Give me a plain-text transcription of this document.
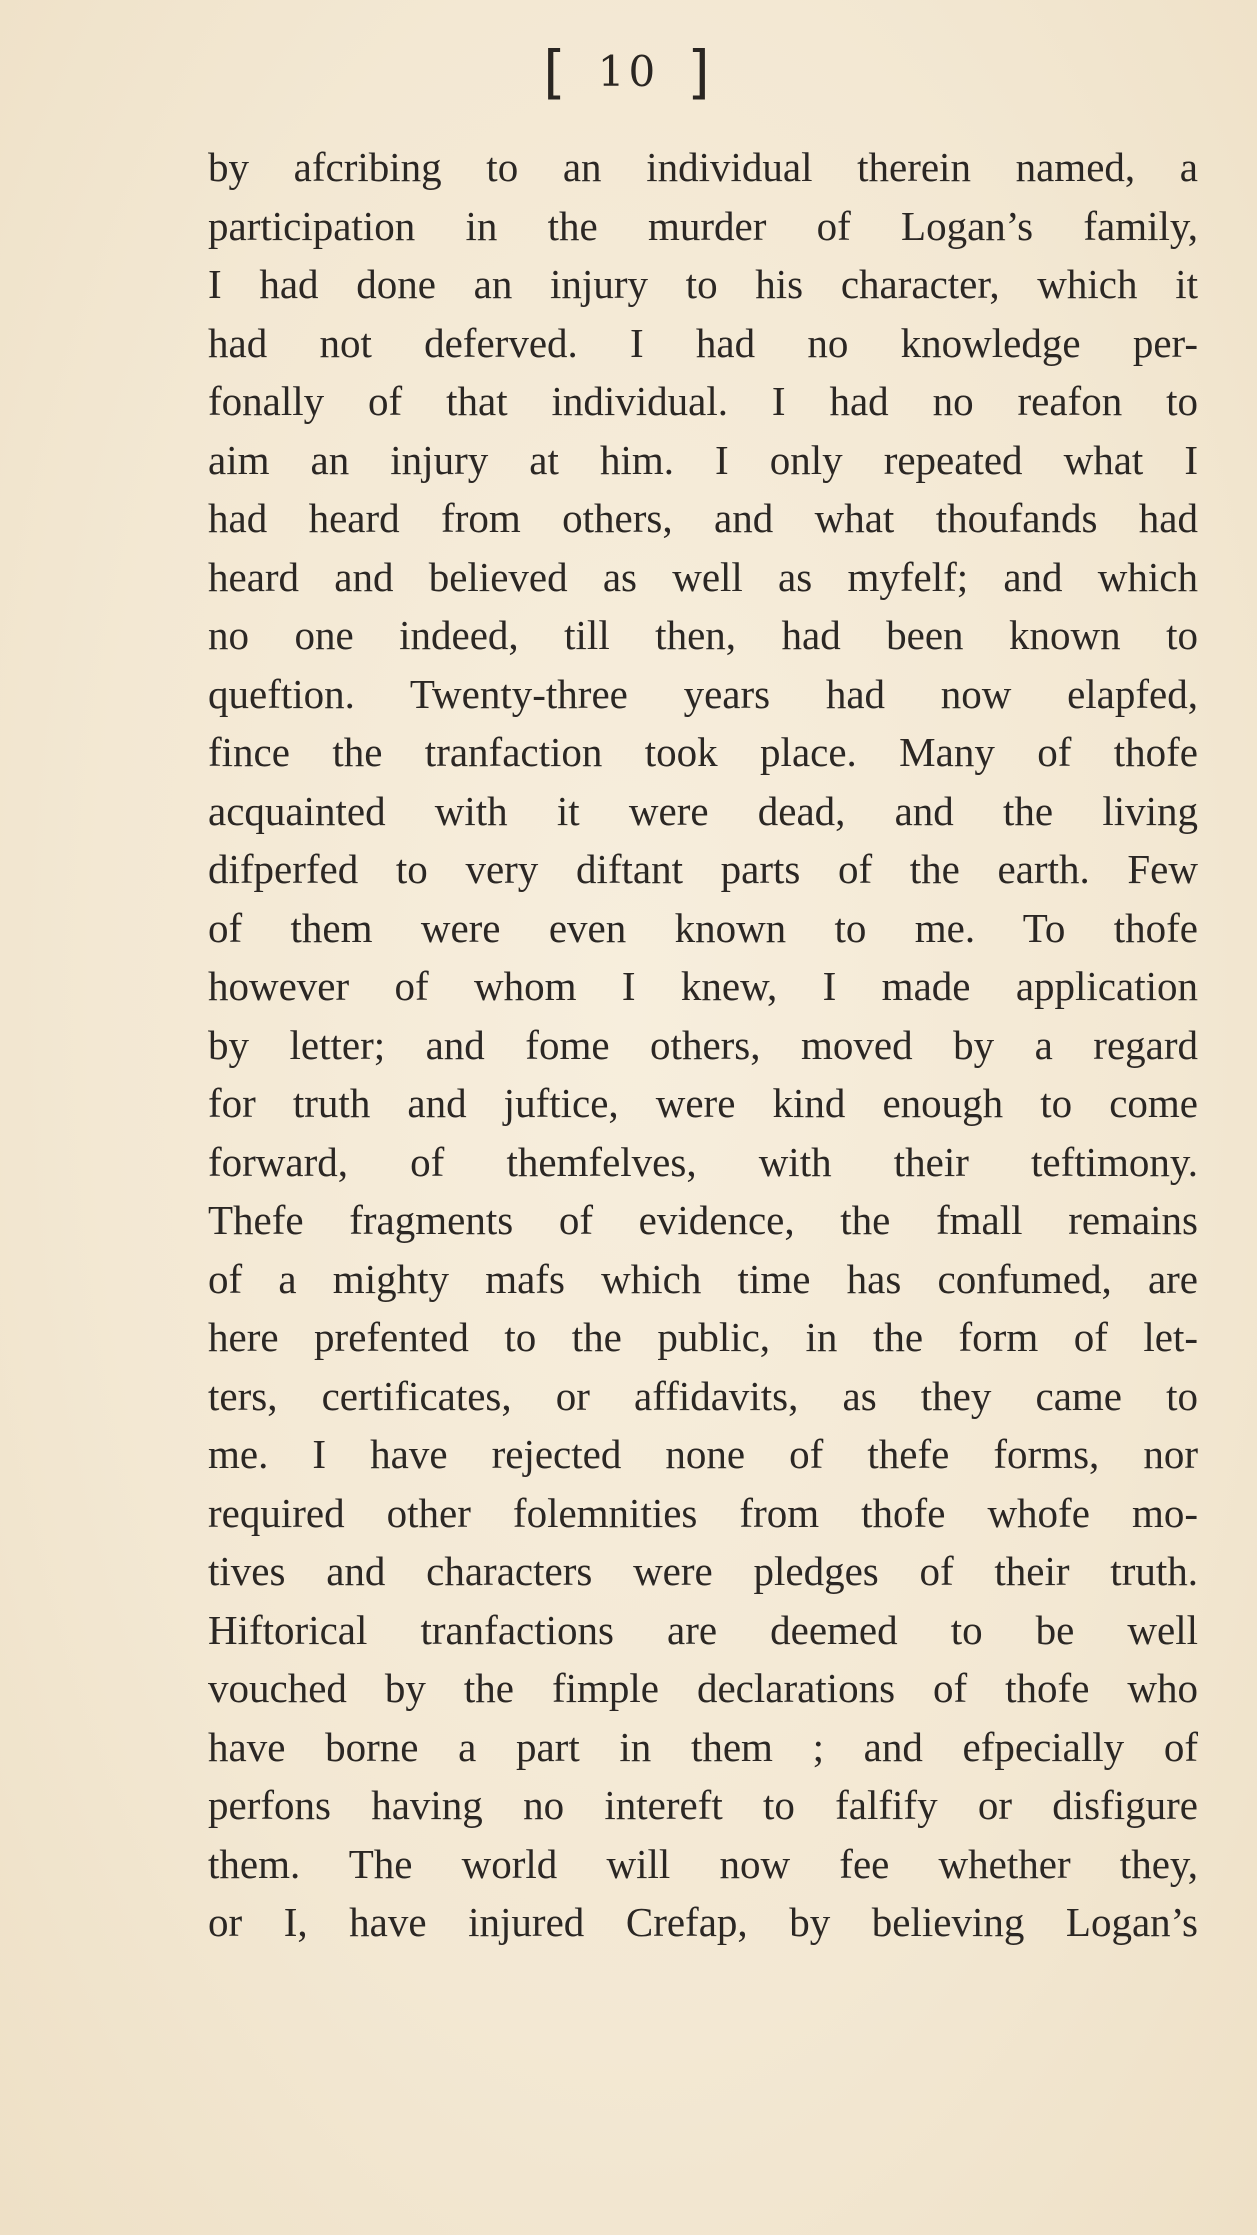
[ 10 ]
by afcribing to an individual therein named, a
participation in the murder of Logan’s family,
I had done an injury to his character, which it
had not deferved. I had no knowledge per-
fonally of that individual. I had no reafon to
aim an injury at him. I only repeated what I
had heard from others, and what thoufands had
heard and believed as well as myfelf; and which
no one indeed, till then, had been known to
queftion. Twenty-three years had now elapfed,
fince the tranfaction took place. Many of thofe
acquainted with it were dead, and the living
difperfed to very diftant parts of the earth. Few
of them were even known to me. To thofe
however of whom I knew, I made application
by letter; and fome others, moved by a regard
for truth and juftice, were kind enough to come
forward, of themfelves, with their teftimony.
Thefe fragments of evidence, the fmall remains
of a mighty mafs which time has confumed, are
here prefented to the public, in the form of let-
ters, certificates, or affidavits, as they came to
me. I have rejected none of thefe forms, nor
required other folemnities from thofe whofe mo-
tives and characters were pledges of their truth.
Hiftorical tranfactions are deemed to be well
vouched by the fimple declarations of thofe who
have borne a part in them ; and efpecially of
perfons having no intereft to falfify or disfigure
them. The world will now fee whether they,
or I, have injured Crefap, by believing Logan’s
